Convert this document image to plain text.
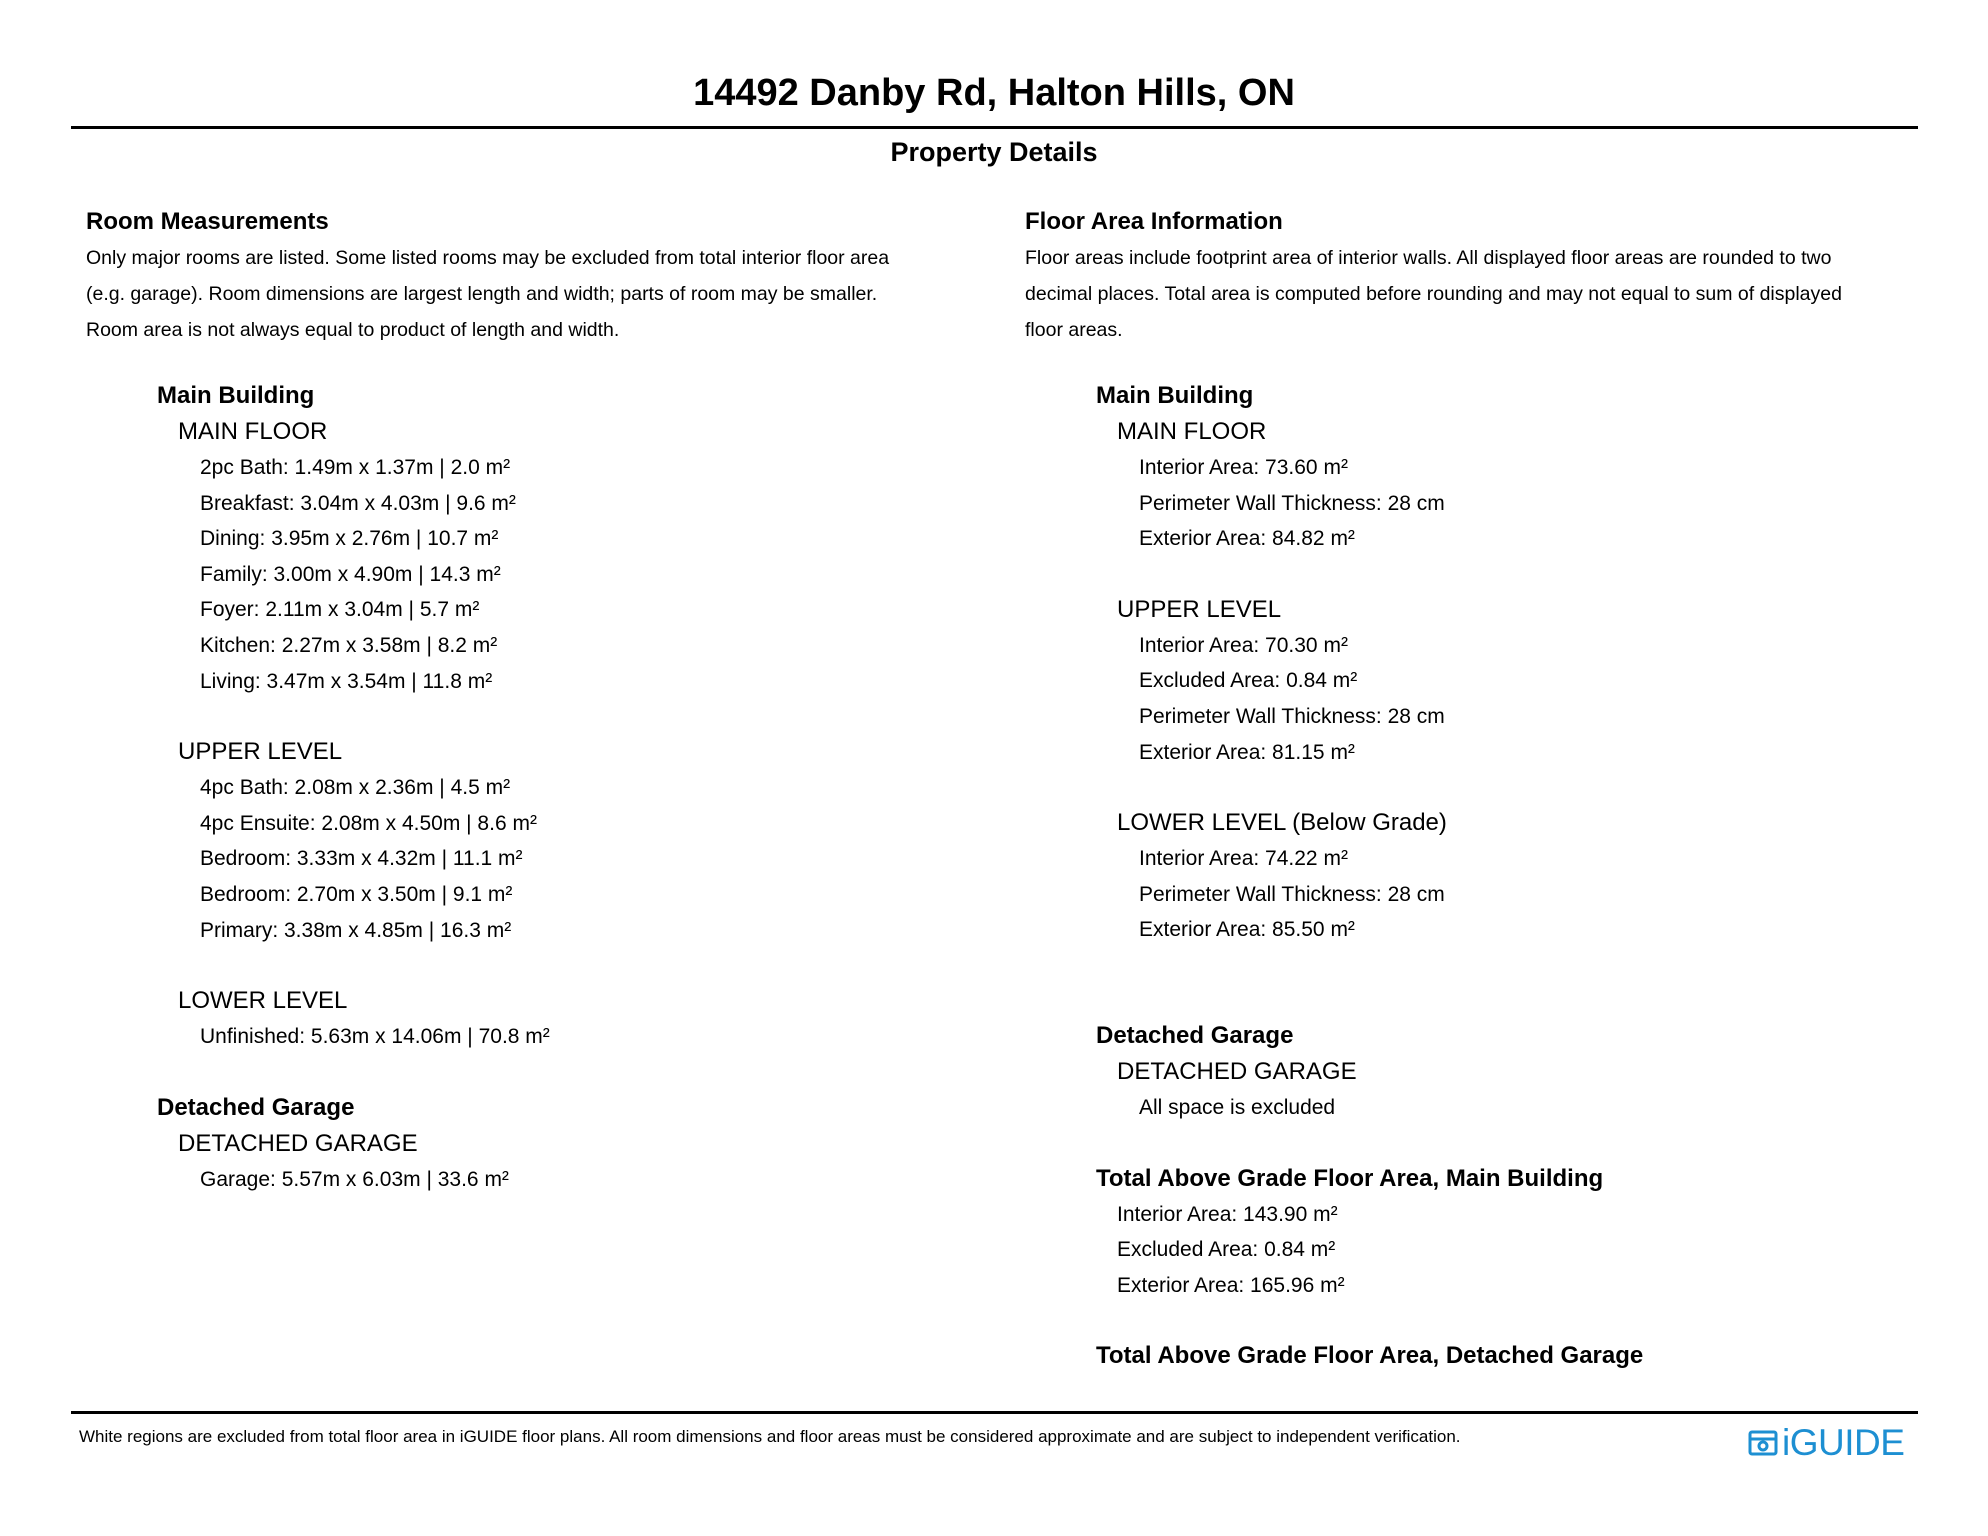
14492 Danby Rd, Halton Hills, ON
Property Details
Room Measurements
Only major rooms are listed. Some listed rooms may be excluded from total interior floor area
(e.g. garage). Room dimensions are largest length and width; parts of room may be smaller.
Room area is not always equal to product of length and width.
Main Building
MAIN FLOOR
2pc Bath: 1.49m x 1.37m | 2.0 m²
Breakfast: 3.04m x 4.03m | 9.6 m²
Dining: 3.95m x 2.76m | 10.7 m²
Family: 3.00m x 4.90m | 14.3 m²
Foyer: 2.11m x 3.04m | 5.7 m²
Kitchen: 2.27m x 3.58m | 8.2 m²
Living: 3.47m x 3.54m | 11.8 m²
UPPER LEVEL
4pc Bath: 2.08m x 2.36m | 4.5 m²
4pc Ensuite: 2.08m x 4.50m | 8.6 m²
Bedroom: 3.33m x 4.32m | 11.1 m²
Bedroom: 2.70m x 3.50m | 9.1 m²
Primary: 3.38m x 4.85m | 16.3 m²
LOWER LEVEL
Unfinished: 5.63m x 14.06m | 70.8 m²
Detached Garage
DETACHED GARAGE
Garage: 5.57m x 6.03m | 33.6 m²
Floor Area Information
Floor areas include footprint area of interior walls. All displayed floor areas are rounded to two
decimal places. Total area is computed before rounding and may not equal to sum of displayed
floor areas.
Main Building
MAIN FLOOR
Interior Area: 73.60 m²
Perimeter Wall Thickness: 28 cm
Exterior Area: 84.82 m²
UPPER LEVEL
Interior Area: 70.30 m²
Excluded Area: 0.84 m²
Perimeter Wall Thickness: 28 cm
Exterior Area: 81.15 m²
LOWER LEVEL (Below Grade)
Interior Area: 74.22 m²
Perimeter Wall Thickness: 28 cm
Exterior Area: 85.50 m²
Detached Garage
DETACHED GARAGE
All space is excluded
Total Above Grade Floor Area, Main Building
Interior Area: 143.90 m²
Excluded Area: 0.84 m²
Exterior Area: 165.96 m²
Total Above Grade Floor Area, Detached Garage
White regions are excluded from total floor area in iGUIDE floor plans. All room dimensions and floor areas must be considered approximate and are subject to independent verification.	iGUIDE
